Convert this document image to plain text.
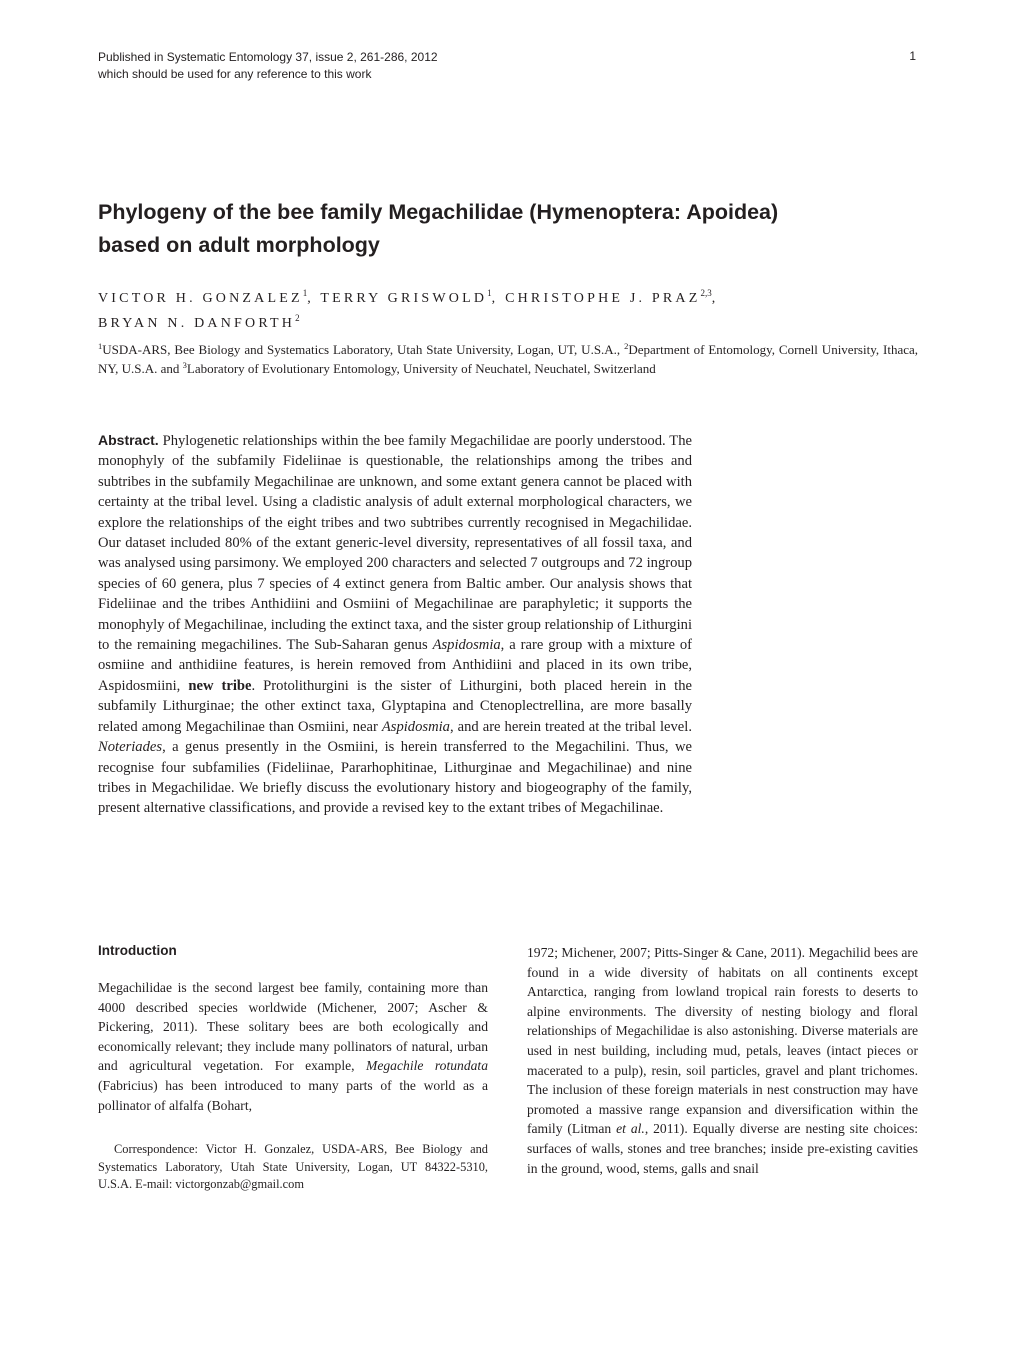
Published in Systematic Entomology 37, issue 2, 261-286, 2012
which should be used for any reference to this work
1
Phylogeny of the bee family Megachilidae (Hymenoptera: Apoidea)
based on adult morphology
VICTOR H. GONZALEZ$^1$, TERRY GRISWOLD$^1$, CHRISTOPHE J. PRAZ$^{2,3}$,
BRYAN N. DANFORTH$^2$
$^1$USDA-ARS, Bee Biology and Systematics Laboratory, Utah State University, Logan, UT, U.S.A., $^2$Department of Entomology, Cornell University, Ithaca, NY, U.S.A. and $^3$Laboratory of Evolutionary Entomology, University of Neuchatel, Neuchatel, Switzerland
Abstract. Phylogenetic relationships within the bee family Megachilidae are poorly understood. The monophyly of the subfamily Fideliinae is questionable, the relationships among the tribes and subtribes in the subfamily Megachilinae are unknown, and some extant genera cannot be placed with certainty at the tribal level. Using a cladistic analysis of adult external morphological characters, we explore the relationships of the eight tribes and two subtribes currently recognised in Megachilidae. Our dataset included 80% of the extant generic-level diversity, representatives of all fossil taxa, and was analysed using parsimony. We employed 200 characters and selected 7 outgroups and 72 ingroup species of 60 genera, plus 7 species of 4 extinct genera from Baltic amber. Our analysis shows that Fideliinae and the tribes Anthidiini and Osmiini of Megachilinae are paraphyletic; it supports the monophyly of Megachilinae, including the extinct taxa, and the sister group relationship of Lithurgini to the remaining megachilines. The Sub-Saharan genus Aspidosmia, a rare group with a mixture of osmiine and anthidiine features, is herein removed from Anthidiini and placed in its own tribe, Aspidosmiini, new tribe. Protolithurgini is the sister of Lithurgini, both placed herein in the subfamily Lithurginae; the other extinct taxa, Glyptapina and Ctenoplectrellina, are more basally related among Megachilinae than Osmiini, near Aspidosmia, and are herein treated at the tribal level. Noteriades, a genus presently in the Osmiini, is herein transferred to the Megachilini. Thus, we recognise four subfamilies (Fideliinae, Pararhophitinae, Lithurginae and Megachilinae) and nine tribes in Megachilidae. We briefly discuss the evolutionary history and biogeography of the family, present alternative classifications, and provide a revised key to the extant tribes of Megachilinae.
Introduction
Megachilidae is the second largest bee family, containing more than 4000 described species worldwide (Michener, 2007; Ascher & Pickering, 2011). These solitary bees are both ecologically and economically relevant; they include many pollinators of natural, urban and agricultural vegetation. For example, Megachile rotundata (Fabricius) has been introduced to many parts of the world as a pollinator of alfalfa (Bohart,
Correspondence: Victor H. Gonzalez, USDA-ARS, Bee Biology and Systematics Laboratory, Utah State University, Logan, UT 84322-5310, U.S.A. E-mail: victorgonzab@gmail.com
1972; Michener, 2007; Pitts-Singer & Cane, 2011). Megachilid bees are found in a wide diversity of habitats on all continents except Antarctica, ranging from lowland tropical rain forests to deserts to alpine environments. The diversity of nesting biology and floral relationships of Megachilidae is also astonishing. Diverse materials are used in nest building, including mud, petals, leaves (intact pieces or macerated to a pulp), resin, soil particles, gravel and plant trichomes. The inclusion of these foreign materials in nest construction may have promoted a massive range expansion and diversification within the family (Litman et al., 2011). Equally diverse are nesting site choices: surfaces of walls, stones and tree branches; inside pre-existing cavities in the ground, wood, stems, galls and snail
